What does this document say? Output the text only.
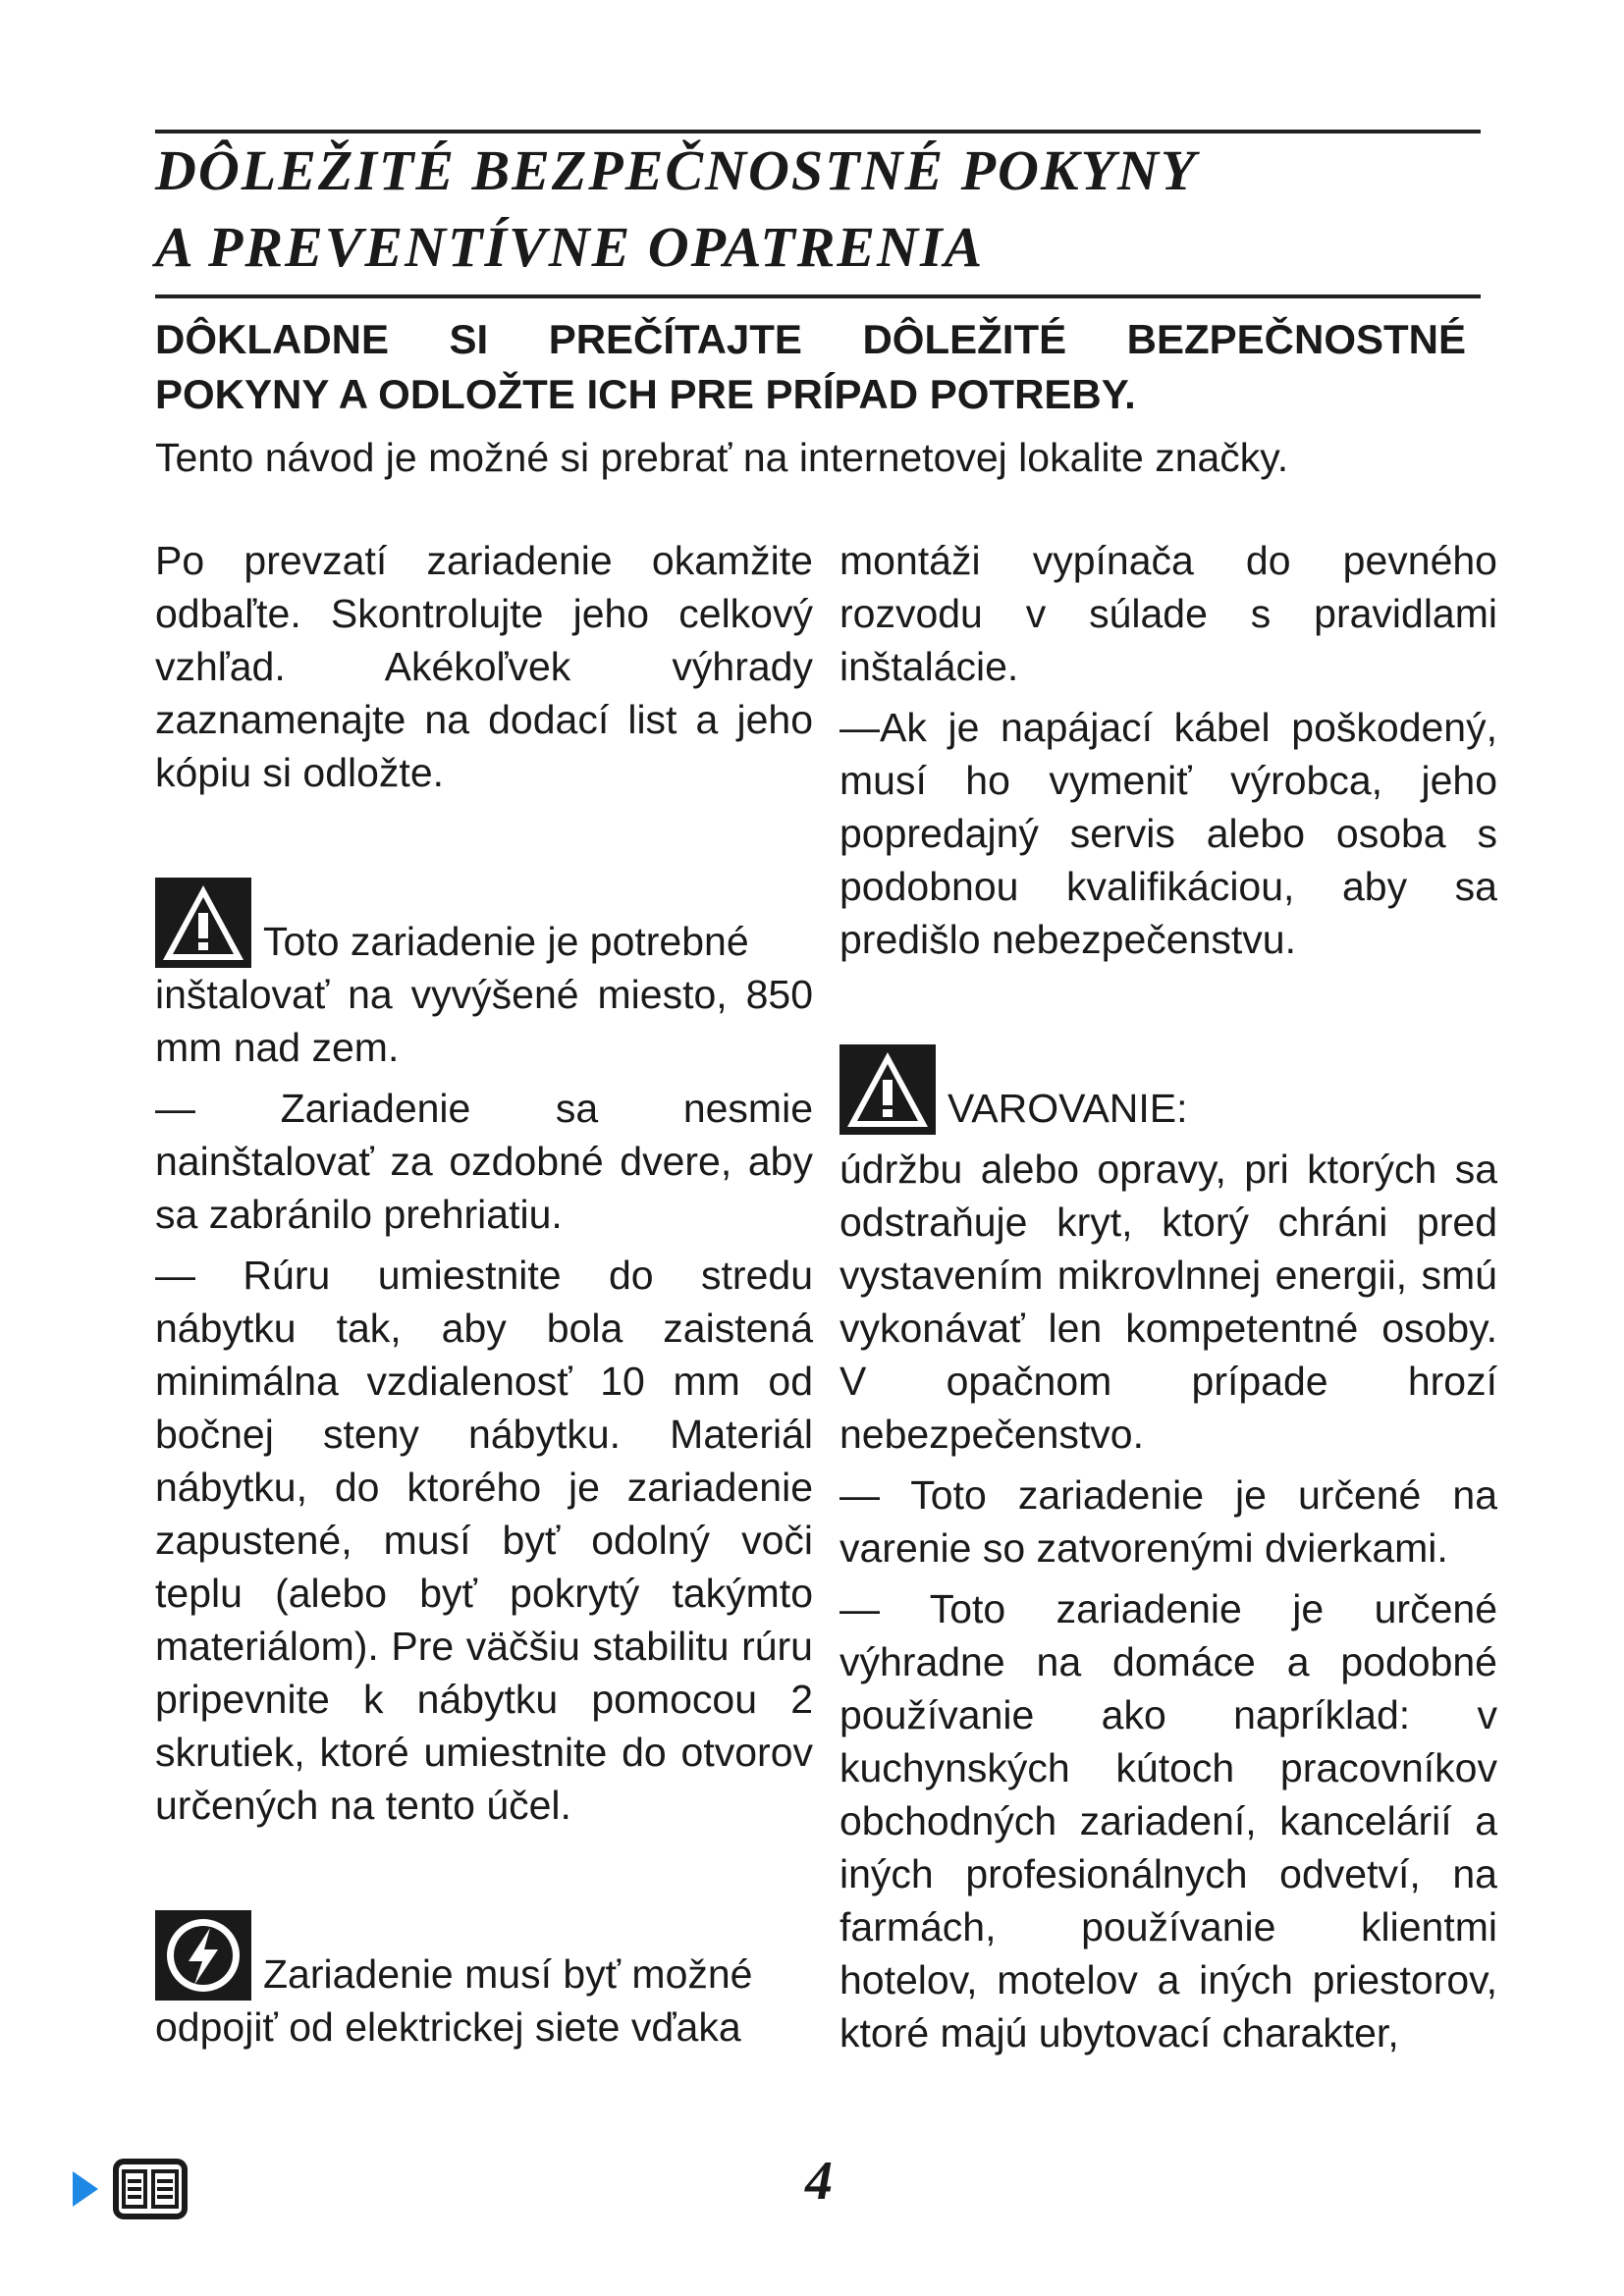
DÔLEŽITÉ BEZPEČNOSTNÉ POKYNY
A PREVENTÍVNE OPATRENIA

DÔKLADNE SI PREČÍTAJTE DÔLEŽITÉ BEZPEČNOSTNÉ

POKYNY A ODLOŽTE ICH PRE PRÍPAD POTREBY.

Tento návod je možné si prebrať na internetovej lokalite značky.

Po prevzatí zariadenie okamžite odbaľte. Skontrolujte jeho celkový vzhľad. Akékoľvek výhrady zaznamenajte na dodací list a jeho kópiu si odložte.

Toto zariadenie je potrebné

inštalovať na vyvýšené miesto, 850 mm nad zem.

— Zariadenie sa nesmie nainštalovať za ozdobné dvere, aby sa zabránilo prehriatiu.

— Rúru umiestnite do stredu nábytku tak, aby bola zaistená minimálna vzdialenosť 10 mm od bočnej steny nábytku. Materiál nábytku, do ktorého je zariadenie zapustené, musí byť odolný voči teplu (alebo byť pokrytý takýmto materiálom). Pre väčšiu stabilitu rúru pripevnite k nábytku pomocou 2 skrutiek, ktoré umiestnite do otvorov určených na tento účel.

Zariadenie musí byť možné

odpojiť od elektrickej siete vďaka

montáži vypínača do pevného rozvodu v súlade s pravidlami inštalácie.

—Ak je napájací kábel poškodený, musí ho vymeniť výrobca, jeho popredajný servis alebo osoba s podobnou kvalifikáciou, aby sa predišlo nebezpečenstvu.

VAROVANIE:

údržbu alebo opravy, pri ktorých sa odstraňuje kryt, ktorý chráni pred vystavením mikrovlnnej energii, smú vykonávať len kompetentné osoby. V opačnom prípade hrozí nebezpečenstvo.

— Toto zariadenie je určené na varenie so zatvorenými dvierkami.

— Toto zariadenie je určené výhradne na domáce a podobné používanie ako napríklad: v kuchynských kútoch pracovníkov obchodných zariadení, kancelárií a iných profesionálnych odvetví, na farmách, používanie klientmi hotelov, motelov a iných priestorov, ktoré majú ubytovací charakter,

4
